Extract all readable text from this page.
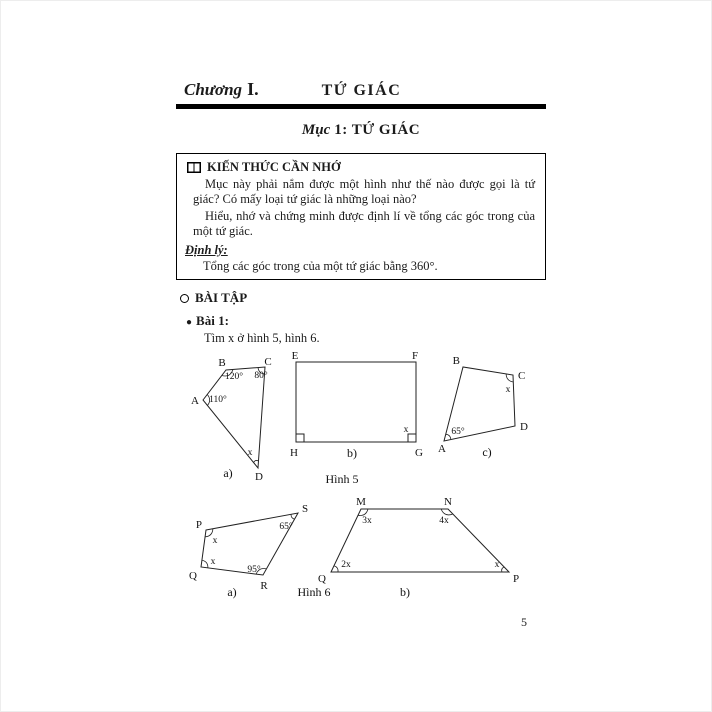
Chương I.	TỨ GIÁC
Mục 1: TỨ GIÁC
KIẾN THỨC CẦN NHỚ

Mục này phải nắm được một hình như thế nào được gọi là tứ giác? Có mấy loại tứ giác là những loại nào?

Hiểu, nhớ và chứng minh được định lí về tổng các góc trong của một tứ giác.

Định lý:
Tổng các góc trong của một tứ giác bằng 360°.
BÀI TẬP
● Bài 1:
Tìm x ở hình 5, hình 6.
A
B	C
D
120° 80°
110°
x
a)
E	F
H	G
x
b)
B
C
D
A
x
65°
c)
Hình 5
P
S
R
Q
x
65°
95°
x
a)
M	N
Q	P
3x	4x
2x	x
b)
Hình 6
5
